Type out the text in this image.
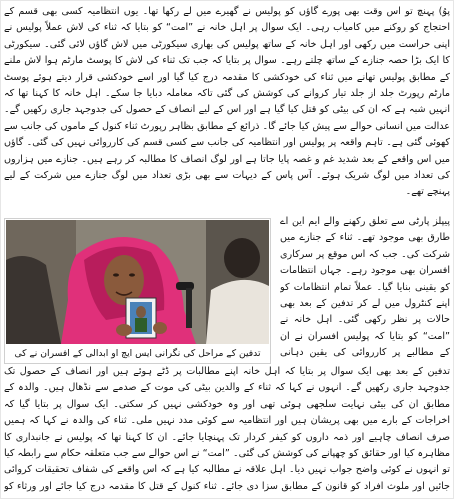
پوُ) پہنچ تو اس وقت بھی پورے گاؤں کو پولیس نے گھیرے میں لے رکھا تھا۔ یوں انتظامیہ کسی بھی قسم کے احتجاج کو روکنے میں کامیاب رہی۔ ایک سوال پر اہل خانہ نے ”امت“ کو بتایا کہ ثناء کی لاش عملاً پولیس نے اپنی حراست میں رکھی اور اہل خانہ کے ساتھ پولیس کی بھاری سیکورٹی میں لاش گاؤں لائی گئی۔ سیکورٹی کا ایک بڑا حصہ جنازے کے ساتھ چلتے رہے۔ سوال پر بتایا کہ جب تک ثناء کی لاش کا پوسٹ مارٹم ہوا لاش ملنے کے مطابق پولیس تھانے میں ثناء کی خودکشی کا مقدمہ درج کیا گیا اور اسے خودکشی قرار دیتے ہوئے پوسٹ مارٹم رپورٹ جلد از جلد تیار کروانے کی کوشش کی گئی تاکہ معاملہ دبایا جا سکے۔ اہل خانہ کا کہنا تھا کہ انہیں شبہ ہے کہ ان کی بیٹی کو قتل کیا گیا ہے اور اس کے لیے انصاف کے حصول کی جدوجہد جاری رکھیں گے۔ عدالت میں انسانی حوالے سے پیش کیا جائے گا۔ ذرائع کے مطابق بظاہر رپورٹ ثناء کنول کے ماموں کی جانب سے کھوئی گئی ہے۔ تاہم واقعہ پر پولیس اور انتظامیہ کی جانب سے کسی قسم کی کارروائی نہیں کی گئی۔ گاؤں میں اس واقعے کے بعد شدید غم و غصہ پایا جاتا ہے اور لوگ انصاف کا مطالبہ کر رہے ہیں۔ جنازے میں ہزاروں کی تعداد میں لوگ شریک ہوئے۔ آس پاس کے دیہات سے بھی بڑی تعداد میں لوگ جنازے میں شرکت کے لیے پہنچے تھے۔

تدفین کے مراحل کی نگرانی ایس ایچ او ابدالی کے افسران نے کی

پیپلز پارٹی سے تعلق رکھنے والے ایم این اے طارق بھی موجود تھے۔ ثناء کے جنازے میں شرکت کی۔ جب کہ اس موقع پر سرکاری افسران بھی موجود رہے۔ جہاں انتظامات کو یقینی بنایا گیا۔ عملاً تمام انتظامات کو اپنے کنٹرول میں لے کر تدفین کے بعد بھی حالات پر نظر رکھی گئی۔ اہل خانہ نے ”امت“ کو بتایا کہ پولیس افسران نے ان کے مطالبے پر کارروائی کی یقین دہانی

تدفین کے بعد بھی ایک سوال پر بتایا کہ اہل خانہ اپنے مطالبات پر ڈٹے ہوئے ہیں اور انصاف کے حصول تک جدوجہد جاری رکھیں گے۔ انہوں نے کہا کہ ثناء کے والدین بیٹی کی موت کے صدمے سے نڈھال ہیں۔ والدہ کے مطابق ان کی بیٹی نہایت سلجھی ہوئی تھی اور وہ خودکشی نہیں کر سکتی۔ ایک سوال پر بتایا گیا کہ اخراجات کے بارے میں بھی پریشان ہیں اور انتظامیہ سے کوئی مدد نہیں ملی۔ ثناء کی والدہ نے کہا کہ ہمیں صرف انصاف چاہیے اور ذمہ داروں کو کیفر کردار تک پہنچایا جائے۔ ان کا کہنا تھا کہ پولیس نے جانبداری کا مظاہرہ کیا اور حقائق کو چھپانے کی کوشش کی گئی۔ ”امت“ نے اس حوالے سے جب متعلقہ حکام سے رابطہ کیا تو انہوں نے کوئی واضح جواب نہیں دیا۔ اہل علاقہ نے مطالبہ کیا ہے کہ اس واقعے کی شفاف تحقیقات کروائی جائیں اور ملوث افراد کو قانون کے مطابق سزا دی جائے۔ ثناء کنول کے قتل کا مقدمہ درج کیا جائے اور ورثاء کو
